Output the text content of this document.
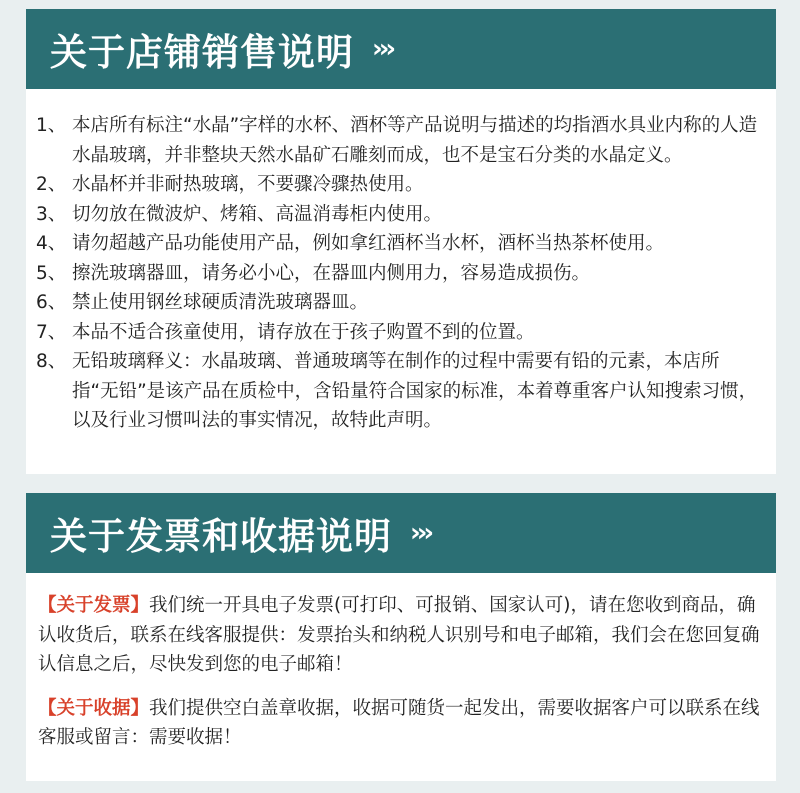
关于店铺销售说明 ›››
1、 本店所有标注“水晶”字样的水杯、酒杯等产品说明与描述的均指酒水具业内称的人造水晶玻璃，并非整块天然水晶矿石雕刻而成，也不是宝石分类的水晶定义。
2、 水晶杯并非耐热玻璃，不要骤冷骤热使用。
3、 切勿放在微波炉、烤箱、高温消毒柜内使用。
4、 请勿超越产品功能使用产品，例如拿红酒杯当水杯，酒杯当热茶杯使用。
5、 擦洗玻璃器皿，请务必小心，在器皿内侧用力，容易造成损伤。
6、 禁止使用钢丝球硬质清洗玻璃器皿。
7、 本品不适合孩童使用，请存放在于孩子购置不到的位置。
8、 无铅玻璃释义：水晶玻璃、普通玻璃等在制作的过程中需要有铅的元素，本店所指“无铅”是该产品在质检中，含铅量符合国家的标准，本着尊重客户认知搜索习惯，以及行业习惯叫法的事实情况，故特此声明。
关于发票和收据说明 ›››
【关于发票】我们统一开具电子发票(可打印、可报销、国家认可)，请在您收到商品，确认收货后，联系在线客服提供：发票抬头和纳税人识别号和电子邮箱，我们会在您回复确认信息之后，尽快发到您的电子邮箱！
【关于收据】我们提供空白盖章收据，收据可随货一起发出，需要收据客户可以联系在线客服或留言：需要收据！
